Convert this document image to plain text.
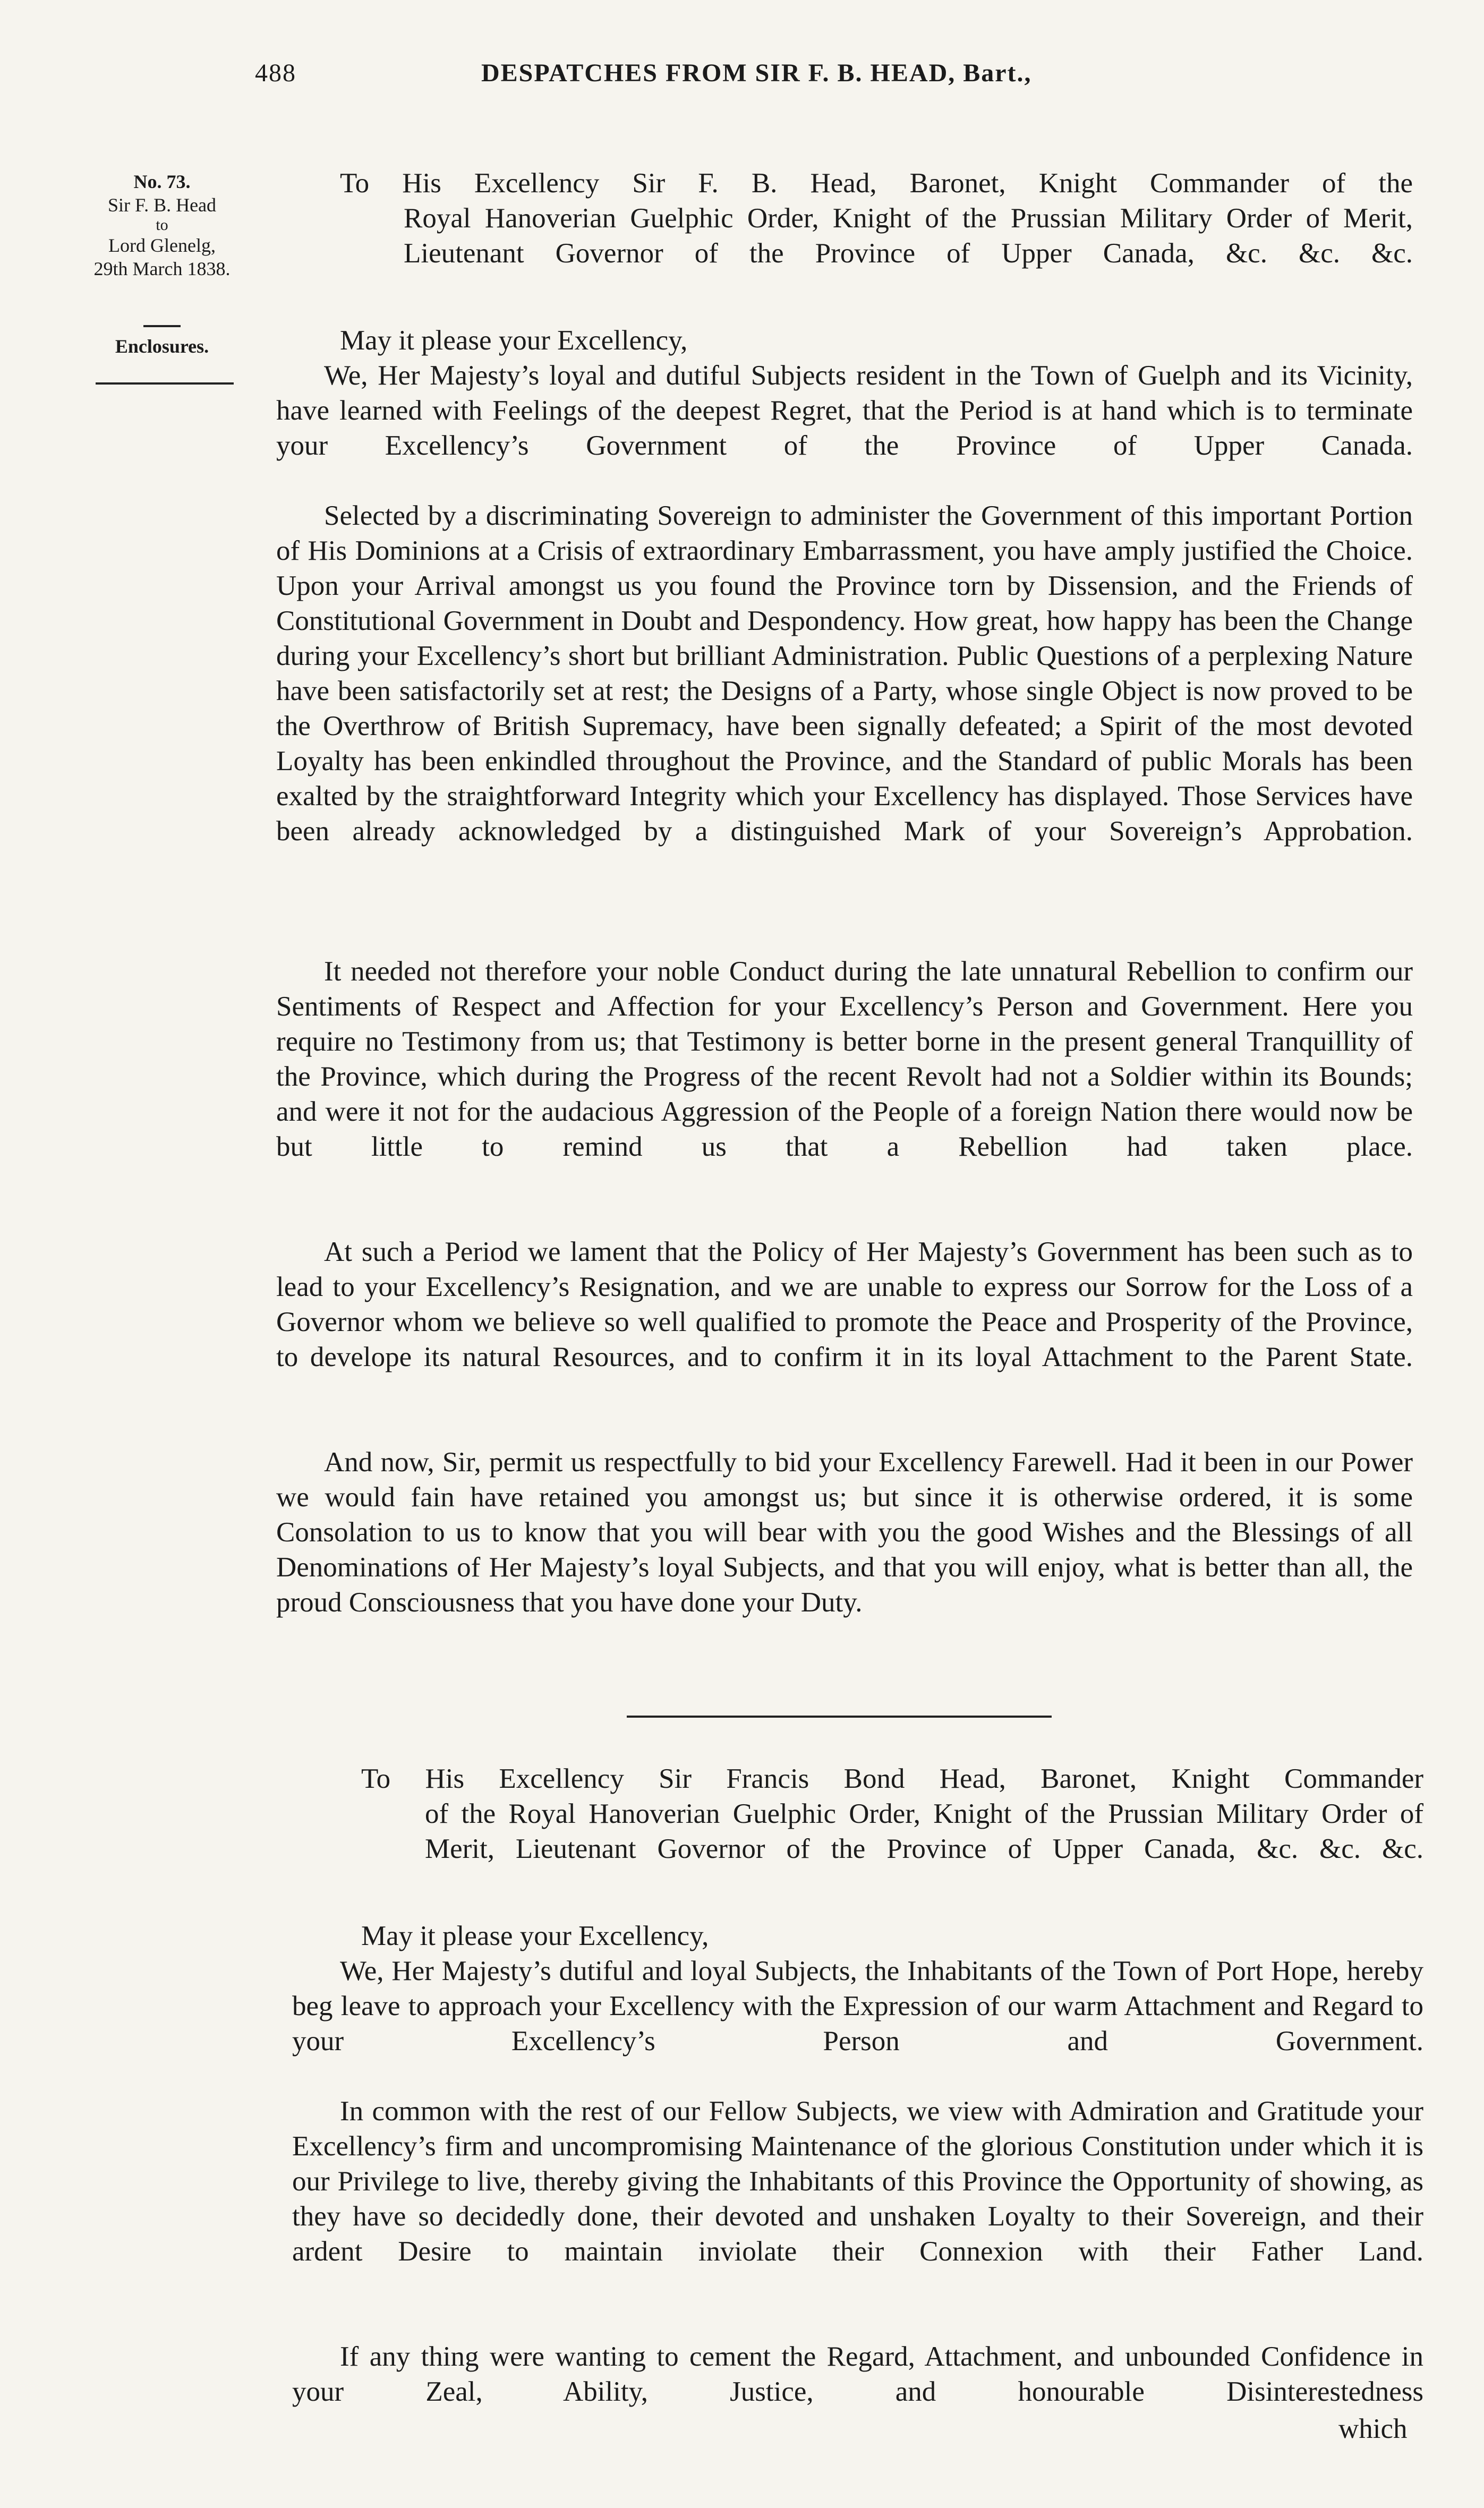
488	DESPATCHES FROM SIR F. B. HEAD, Bart.,
No. 73.
Sir F. B. Head
to
Lord Glenelg,
29th March 1838.
Enclosures.
To His Excellency Sir F. B. Head, Baronet, Knight Commander of the
Royal Hanoverian Guelphic Order, Knight of the Prussian Military Order of Merit, Lieutenant Governor of the Province of Upper Canada, &c. &c. &c.
May it please your Excellency,
We, Her Majesty’s loyal and dutiful Subjects resident in the Town of Guelph and its Vicinity, have learned with Feelings of the deepest Regret, that the Period is at hand which is to terminate your Excellency’s Government of the Province of Upper Canada.
Selected by a discriminating Sovereign to administer the Government of this important Portion of His Dominions at a Crisis of extraordinary Embarrassment, you have amply justified the Choice. Upon your Arrival amongst us you found the Province torn by Dissension, and the Friends of Constitutional Government in Doubt and Despondency. How great, how happy has been the Change during your Excellency’s short but brilliant Administration. Public Questions of a perplexing Nature have been satisfactorily set at rest; the Designs of a Party, whose single Object is now proved to be the Overthrow of British Supremacy, have been signally defeated; a Spirit of the most devoted Loyalty has been enkindled throughout the Province, and the Standard of public Morals has been exalted by the straightforward Integrity which your Excellency has displayed. Those Services have been already acknowledged by a distinguished Mark of your Sovereign’s Approbation.
It needed not therefore your noble Conduct during the late unnatural Rebellion to confirm our Sentiments of Respect and Affection for your Excellency’s Person and Government. Here you require no Testimony from us; that Testimony is better borne in the present general Tranquillity of the Province, which during the Progress of the recent Revolt had not a Soldier within its Bounds; and were it not for the audacious Aggression of the People of a foreign Nation there would now be but little to remind us that a Rebellion had taken place.
At such a Period we lament that the Policy of Her Majesty’s Government has been such as to lead to your Excellency’s Resignation, and we are unable to express our Sorrow for the Loss of a Governor whom we believe so well qualified to promote the Peace and Prosperity of the Province, to develope its natural Resources, and to confirm it in its loyal Attachment to the Parent State.
And now, Sir, permit us respectfully to bid your Excellency Farewell. Had it been in our Power we would fain have retained you amongst us; but since it is otherwise ordered, it is some Consolation to us to know that you will bear with you the good Wishes and the Blessings of all Denominations of Her Majesty’s loyal Subjects, and that you will enjoy, what is better than all, the proud Consciousness that you have done your Duty.
To His Excellency Sir Francis Bond Head, Baronet, Knight Commander
of the Royal Hanoverian Guelphic Order, Knight of the Prussian Military Order of Merit, Lieutenant Governor of the Province of Upper Canada, &c. &c. &c.
May it please your Excellency,
We, Her Majesty’s dutiful and loyal Subjects, the Inhabitants of the Town of Port Hope, hereby beg leave to approach your Excellency with the Expression of our warm Attachment and Regard to your Excellency’s Person and Government.
In common with the rest of our Fellow Subjects, we view with Admiration and Gratitude your Excellency’s firm and uncompromising Maintenance of the glorious Constitution under which it is our Privilege to live, thereby giving the Inhabitants of this Province the Opportunity of showing, as they have so decidedly done, their devoted and unshaken Loyalty to their Sovereign, and their ardent Desire to maintain inviolate their Connexion with their Father Land.
If any thing were wanting to cement the Regard, Attachment, and unbounded Confidence in your Zeal, Ability, Justice, and honourable Disinterestedness
which
